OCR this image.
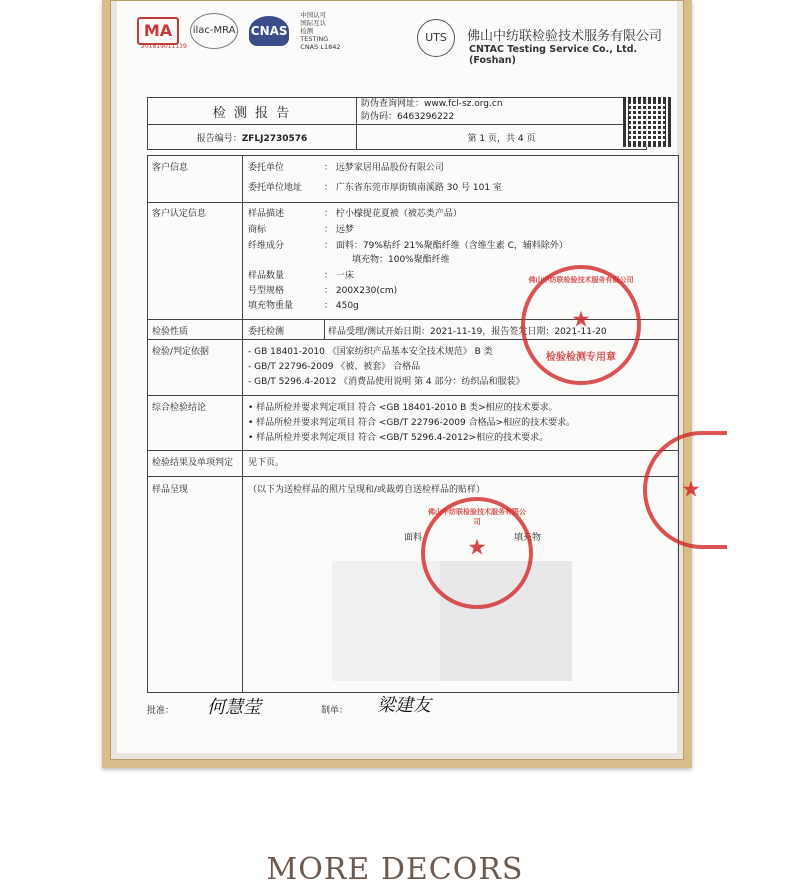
MA ilac-MRA CNAS 中国认可
国际互认
检测
TESTING
CNAS L1842
201819011139
UTS	佛山中纺联检验技术服务有限公司
CNTAC Testing Service Co., Ltd. (Foshan)
检 测 报 告	防伪查询网址：www.fcl-sz.org.cn
防伪码：6463296222

报告编号：ZFLJ2730576	第 1 页，共 4 页
客户信息	委托单位	： 远梦家居用品股份有限公司
委托单位地址 ： 广东省东莞市厚街镇南溪路 30 号 101 室
客户认定信息	样品描述	： 柠小檬提花夏被（被芯类产品）
商标	： 远梦
纤维成分	： 面料：79%粘纤 21%聚酯纤维（含维生素 C，辅料除外）
填充物：100%聚酯纤维
样品数量	： 一床
号型规格	： 200X230(cm)
填充物重量	： 450g
检验性质	委托检测	样品受理/测试开始日期：2021-11-19，报告签发日期：2021-11-20
检验/判定依据	- GB 18401-2010 《国家纺织产品基本安全技术规范》 B 类
- GB/T 22796-2009 《被、被套》 合格品
- GB/T 5296.4-2012 《消费品使用说明 第 4 部分：纺织品和服装》
综合检验结论	• 样品所检并要求判定项目 符合 <GB 18401-2010 B 类>相应的技术要求。
• 样品所检并要求判定项目 符合 <GB/T 22796-2009 合格品>相应的技术要求。
• 样品所检并要求判定项目 符合 <GB/T 5296.4-2012>相应的技术要求。
检验结果及单项判定 见下页。
样品呈现	（以下为送检样品的照片呈现和/或裁剪自送检样品的贴样）
面料	填充物
佛山中纺联检验技术服务有限公司
★
检验检测专用章
佛山中纺联检验技术服务有限公司
★
★
批准： 何慧莹	制单： 梁建友
MORE DECORS
